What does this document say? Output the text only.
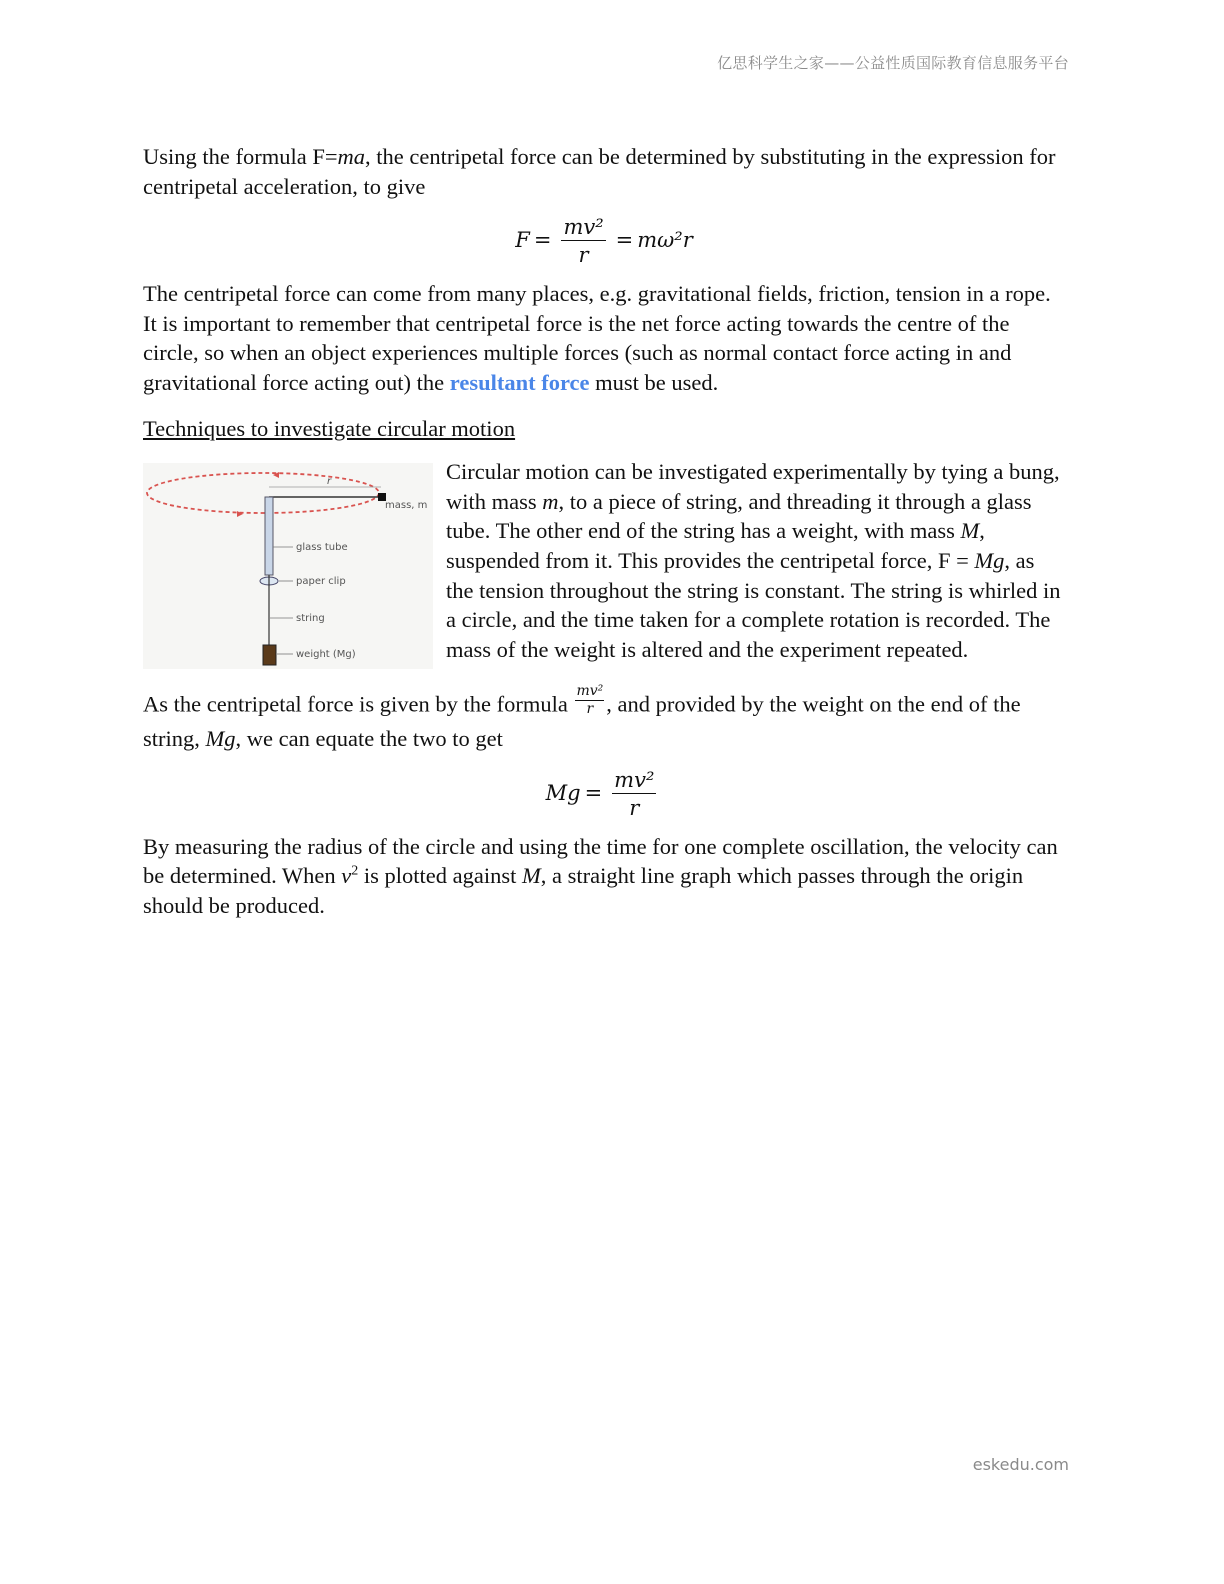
亿思科学生之家——公益性质国际教育信息服务平台

Using the formula F=ma, the centripetal force can be determined by substituting in the expression for centripetal acceleration, to give

$F = \frac{\text{mv²}}{r} = m\omega^2r$

The centripetal force can come from many places, e.g. gravitational fields, friction, tension in a rope. It is important to remember that centripetal force is the net force acting towards the centre of the circle, so when an object experiences multiple forces (such as normal contact force acting in and gravitational force acting out) the resultant force must be used.

Techniques to investigate circular motion

r
mass, m
glass tube
paper clip
string
weight (Mg)

Circular motion can be investigated experimentally by tying a bung, with mass m, to a piece of string, and threading it through a glass tube. The other end of the string has a weight, with mass M, suspended from it. This provides the centripetal force, F = Mg, as the tension throughout the string is constant. The string is whirled in a circle, and the time taken for a complete rotation is recorded. The mass of the weight is altered and the experiment repeated.

As the centripetal force is given by the formula $\frac{\text{mv²}}{r}$ , and provided by the weight on the end of the string, Mg, we can equate the two to get

$Mg = \frac{\text{mv²}}{r}$

By measuring the radius of the circle and using the time for one complete oscillation, the velocity can be determined. When $v^2$ is plotted against M, a straight line graph which passes through the origin should be produced.

eskedu.com
